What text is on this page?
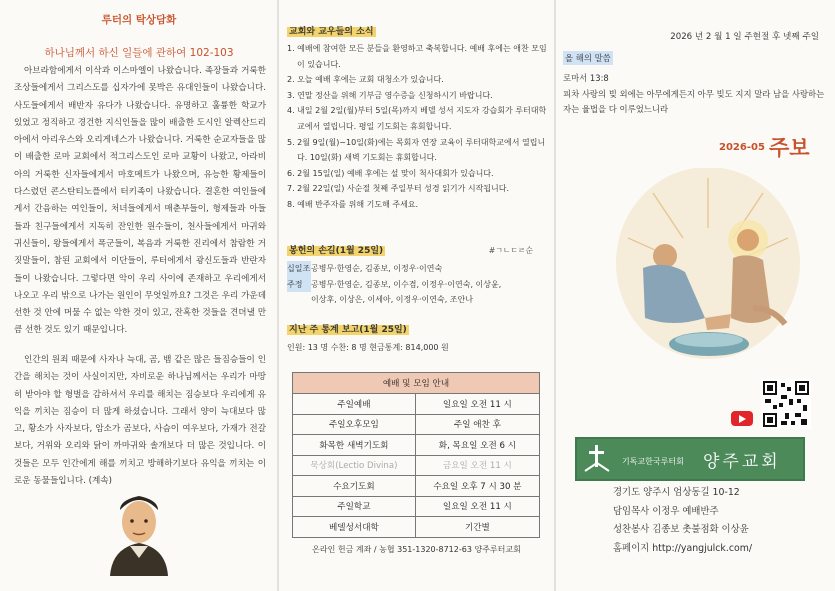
루터의 탁상담화
하나님께서 하신 일들에 관하여 102-103

아브라함에게서 이삭과 이스마엘이 나왔습니다. 족장들과 거룩한 조상들에게서 그리스도를 십자가에 못박은 유대인들이 나왔습니다. 사도들에게서 배반자 유다가 나왔습니다. 유명하고 훌륭한 학교가 있었고 정직하고 경건한 지식인들을 많이 배출한 도시인 알렉산드리아에서 아리우스와 오리게네스가 나왔습니다. 거룩한 순교자들을 많이 배출한 로마 교회에서 적그리스도인 로마 교황이 나왔고, 아라비아의 거룩한 신자들에게서 마호메트가 나왔으며, 유능한 황제들이 다스렸던 콘스탄티노플에서 터키족이 나왔습니다. 결혼한 여인들에게서 간음하는 여인들이, 처녀들에게서 매춘부들이, 형제들과 아들들과 친구들에게서 지독히 잔인한 원수들이, 천사들에게서 마귀와 귀신들이, 왕들에게서 폭군들이, 복음과 거룩한 진리에서 참람한 거짓말들이, 참된 교회에서 이단들이, 루터에게서 광신도들과 반란자들이 나왔습니다. 그렇다면 악이 우리 사이에 존재하고 우리에게서 나오고 우리 밖으로 나가는 원인이 무엇일까요? 그것은 우리 가운데 선한 것 안에 머물 수 없는 악한 것이 있고, 잔혹한 것들을 견뎌낼 만큼 선한 것도 있기 때문입니다.

인간의 원죄 때문에 사자나 늑대, 곰, 뱀 같은 많은 들짐승들이 인간을 해치는 것이 사실이지만, 자비로운 하나님께서는 우리가 마땅히 받아야 할 형벌을 감하셔서 우리를 해치는 짐승보다 우리에게 유익을 끼치는 짐승이 더 많게 하셨습니다. 그래서 양이 늑대보다 많고, 황소가 사자보다, 암소가 곰보다, 사슴이 여우보다, 가재가 전갈보다, 거위와 오리와 닭이 까마귀와 솔개보다 더 많은 것입니다. 이것들은 모두 인간에게 해를 끼치고 방해하기보다 유익을 끼치는 이로운 동물들입니다. (계속)

교회와 교우들의 소식
1. 예배에 참여한 모든 분들을 환영하고 축복합니다. 예배 후에는 애찬 모임이 있습니다.
2. 오늘 예배 후에는 교회 대청소가 있습니다.
3. 연말 정산을 위해 기부금 영수증을 신청하시기 바랍니다.
4. 내일 2월 2일(월)부터 5일(목)까지 베델 성서 지도자 강습회가 루터대학교에서 열립니다. 평일 기도회는 휴회합니다.
5. 2월 9일(월)~10일(화)에는 목회자 연장 교육이 루터대학교에서 열립니다. 10일(화) 새벽 기도회는 휴회합니다.
6. 2월 15일(일) 예배 후에는 설 맞이 척사대회가 있습니다.
7. 2월 22일(일) 사순절 첫째 주일부터 성경 읽기가 시작됩니다.
8. 예배 반주자를 위해 기도해 주세요.
봉헌의 손길(1월 25일)	#ㄱㄴㄷㄹ순
십일조 공병무·한영순, 김종보, 이정우·이연숙
주정	공병무·한영순, 김종보, 이수겸, 이정우·이연숙, 이상윤,
이상후, 이상은, 이세아, 이정우·이연숙, 조안나
지난 주 통계 보고(1월 25일)
인원: 13 명 수찬: 8 명 현금통계: 814,000 원
예배 및 모임 안내	
주일예배	일요일 오전 11 시
주일오후모임	주일 애찬 후
화목한 새벽기도회	화, 목요일 오전 6 시
묵상회(Lectio Divina)	금요일 오전 11 시
수요기도회	수요일 오후 7 시 30 분
주일학교	일요일 오전 11 시
베델성서대학	기간별
온라인 헌금 계좌 / 농협 351-1320-8712-63 양주루터교회
2026 년 2 월 1 일 주현절 후 넷째 주일
올 해의 말씀
로마서 13:8
피차 사랑의 빚 외에는 아무에게든지 아무 빚도 지지 말라 남을 사랑하는 자는 율법을 다 이루었느니라
2026-05 주보
기독교한국루터회 양주교회
경기도 양주시 엄상동길 10-12
담임목사 이정우 예배반주
성찬봉사 김종보 촛불점화 이상윤
홈페이지 http://yangjulck.com/
